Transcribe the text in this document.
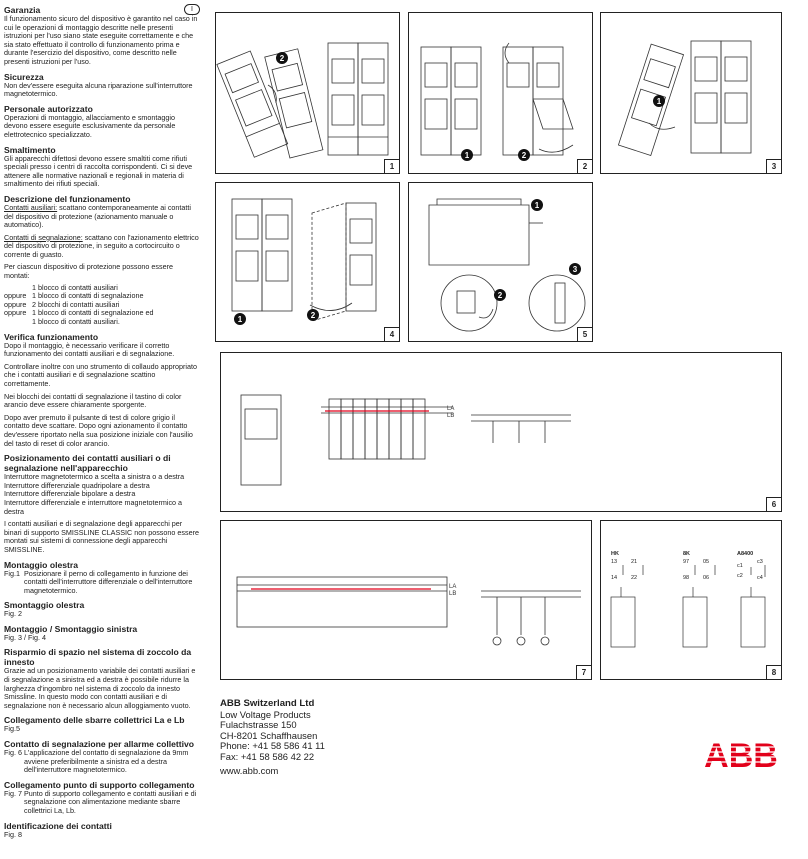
Garanzia	I

Il funzionamento sicuro del dispositivo è garantito nel caso in cui le operazioni di montaggio descritte nelle presenti istruzioni per l'uso siano state eseguite correttamente e che sia stato effettuato il controllo di funzionamento prima e durante l'esercizio del dispositivo, come descritto nelle presenti istruzioni per l'uso.

Sicurezza

Non dev'essere eseguita alcuna riparazione sull'interruttore magnetotermico.

Personale autorizzato

Operazioni di montaggio, allacciamento e smontaggio devono essere eseguite esclusivamente da personale elettrotecnico specializzato.

Smaltimento

Gli apparecchi difettosi devono essere smaltiti come rifiuti speciali presso i centri di raccolta corrispondenti. Ci si deve attenere alle normative nazionali e regionali in materia di smaltimento dei rifiuti speciali.

Descrizione del funzionamento

Contatti ausiliari: scattano contemporaneamente ai contatti del dispositivo di protezione (azionamento manuale o automatico).

Contatti di segnalazione: scattano con l'azionamento elettrico del dispositivo di protezione, in seguito a cortocircuito o corrente di guasto.

Per ciascun dispositivo di protezione possono essere montati:

1 blocco di contatti ausiliari
oppure 1 blocco di contatti di segnalazione
oppure 2 blocchi di contatti ausiliari
oppure 1 blocco di contatti di segnalazione ed
1 blocco di contatti ausiliari.
Verifica funzionamento

Dopo il montaggio, è necessario verificare il corretto funzionamento dei contatti ausiliari e di segnalazione.

Controllare inoltre con uno strumento di collaudo appropriato che i contatti ausiliari e di segnalazione scattino correttamente.

Nei blocchi dei contatti di segnalazione il tastino di color arancio deve essere chiaramente sporgente.

Dopo aver premuto il pulsante di test di colore grigio il contatto deve scattare. Dopo ogni azionamento il contatto dev'essere riportato nella sua posizione iniziale con l'ausilio del tasto di reset di color arancio.

Posizionamento dei contatti ausiliari o di segnalazione nell'apparecchio

Interruttore magnetotermico a scelta a sinistra o a destra

Interruttore differenziale quadripolare a destra

Interruttore differenziale bipolare a destra

Interruttore differenziale e interruttore magnetotermico a destra

I contatti ausiliari e di segnalazione degli apparecchi per binari di supporto SMISSLINE CLASSIC non possono essere montati sui sistemi di connessione degli apparecchi SMISSLINE.

Montaggio olestra
Fig.1 Posizionare il perno di collegamento in funzione dei contatti dell'interruttore differenziale o dell'interruttore magnetotermico.
Smontaggio olestra

Fig. 2

Montaggio / Smontaggio sinistra

Fig. 3 / Fig. 4

Risparmio di spazio nel sistema di zoccolo da innesto

Grazie ad un posizionamento variabile dei contatti ausiliari e di segnalazione a sinistra ed a destra è possibile ridurre la larghezza d'ingombro nel sistema di zoccolo da innesto Smissline. In questo modo con contatti ausiliari e di segnalazione non è necessario alcun alloggiamento vuoto.

Collegamento delle sbarre collettrici La e Lb

Fig.5

Contatto di segnalazione per allarme collettivo
Fig. 6 L'applicazione del contatto di segnalazione da 9mm avviene preferibilmente a sinistra ed a destra dell'interruttore magnetotermico.
Collegamento punto di supporto collegamento
Fig. 7 Punto di supporto collegamento e contatti ausiliari e di segnalazione con alimentazione mediante sbarre collettrici La, Lb.
Identificazione dei contatti

Fig. 8

2
1
1	2
2
1
3
1	2
4
1
2
3
5
LA
LB
6
LA
LB
7
HK
13	21
14	22
8K
97	05
98	06
A8400
c1
c3
c2	c4
8
ABB Switzerland Ltd
Low Voltage Products
Fulachstrasse 150
CH-8201 Schaffhausen
Phone: +41 58 586 41 11
Fax: +41 58 586 42 22
www.abb.com	ABB
